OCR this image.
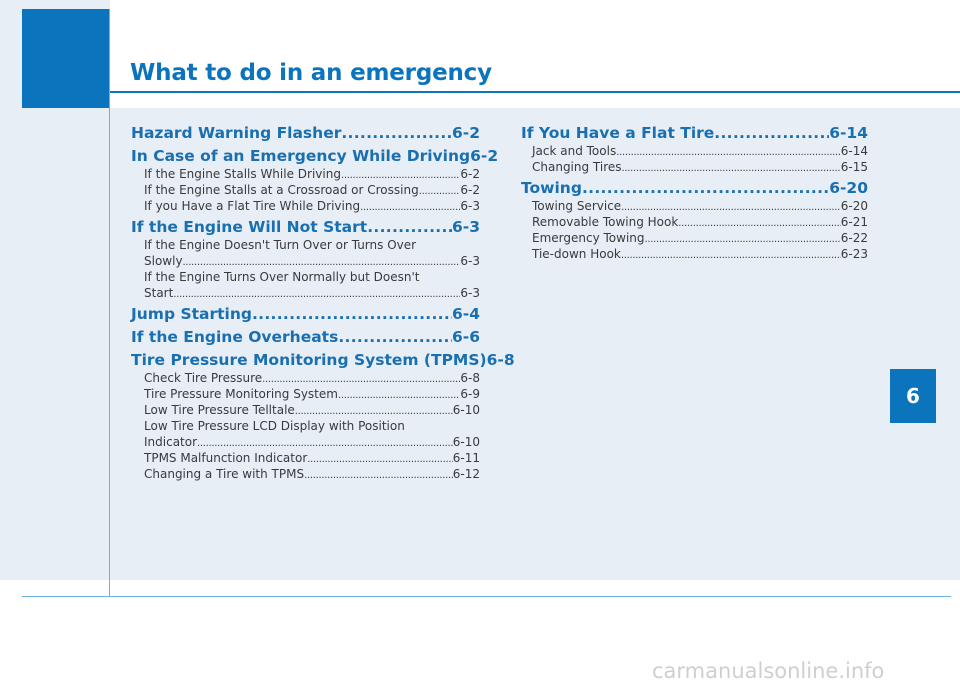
What to do in an emergency
6
Hazard Warning Flasher .....	6-2
In Case of an Emergency While Driving 6-2
If the Engine Stalls While Driving .....	6-2
If the Engine Stalls at a Crossroad or Crossing .....	6-2
If you Have a Flat Tire While Driving .....	6-3
If the Engine Will Not Start .....	6-3
If the Engine Doesn't Turn Over or Turns Over
Slowly .....	6-3
If the Engine Turns Over Normally but Doesn't
Start .....	6-3
Jump Starting .....	6-4
If the Engine Overheats .....	6-6
Tire Pressure Monitoring System (TPMS) 6-8
Check Tire Pressure .....	6-8
Tire Pressure Monitoring System .....	6-9
Low Tire Pressure Telltale .....	6-10
Low Tire Pressure LCD Display with Position
Indicator .....	6-10
TPMS Malfunction Indicator .....	6-11
Changing a Tire with TPMS .....	6-12
If You Have a Flat Tire .....	6-14
Jack and Tools .....	6-14
Changing Tires .....	6-15
Towing .....	6-20
Towing Service .....	6-20
Removable Towing Hook .....	6-21
Emergency Towing .....	6-22
Tie-down Hook .....	6-23
carmanualsonline.info
